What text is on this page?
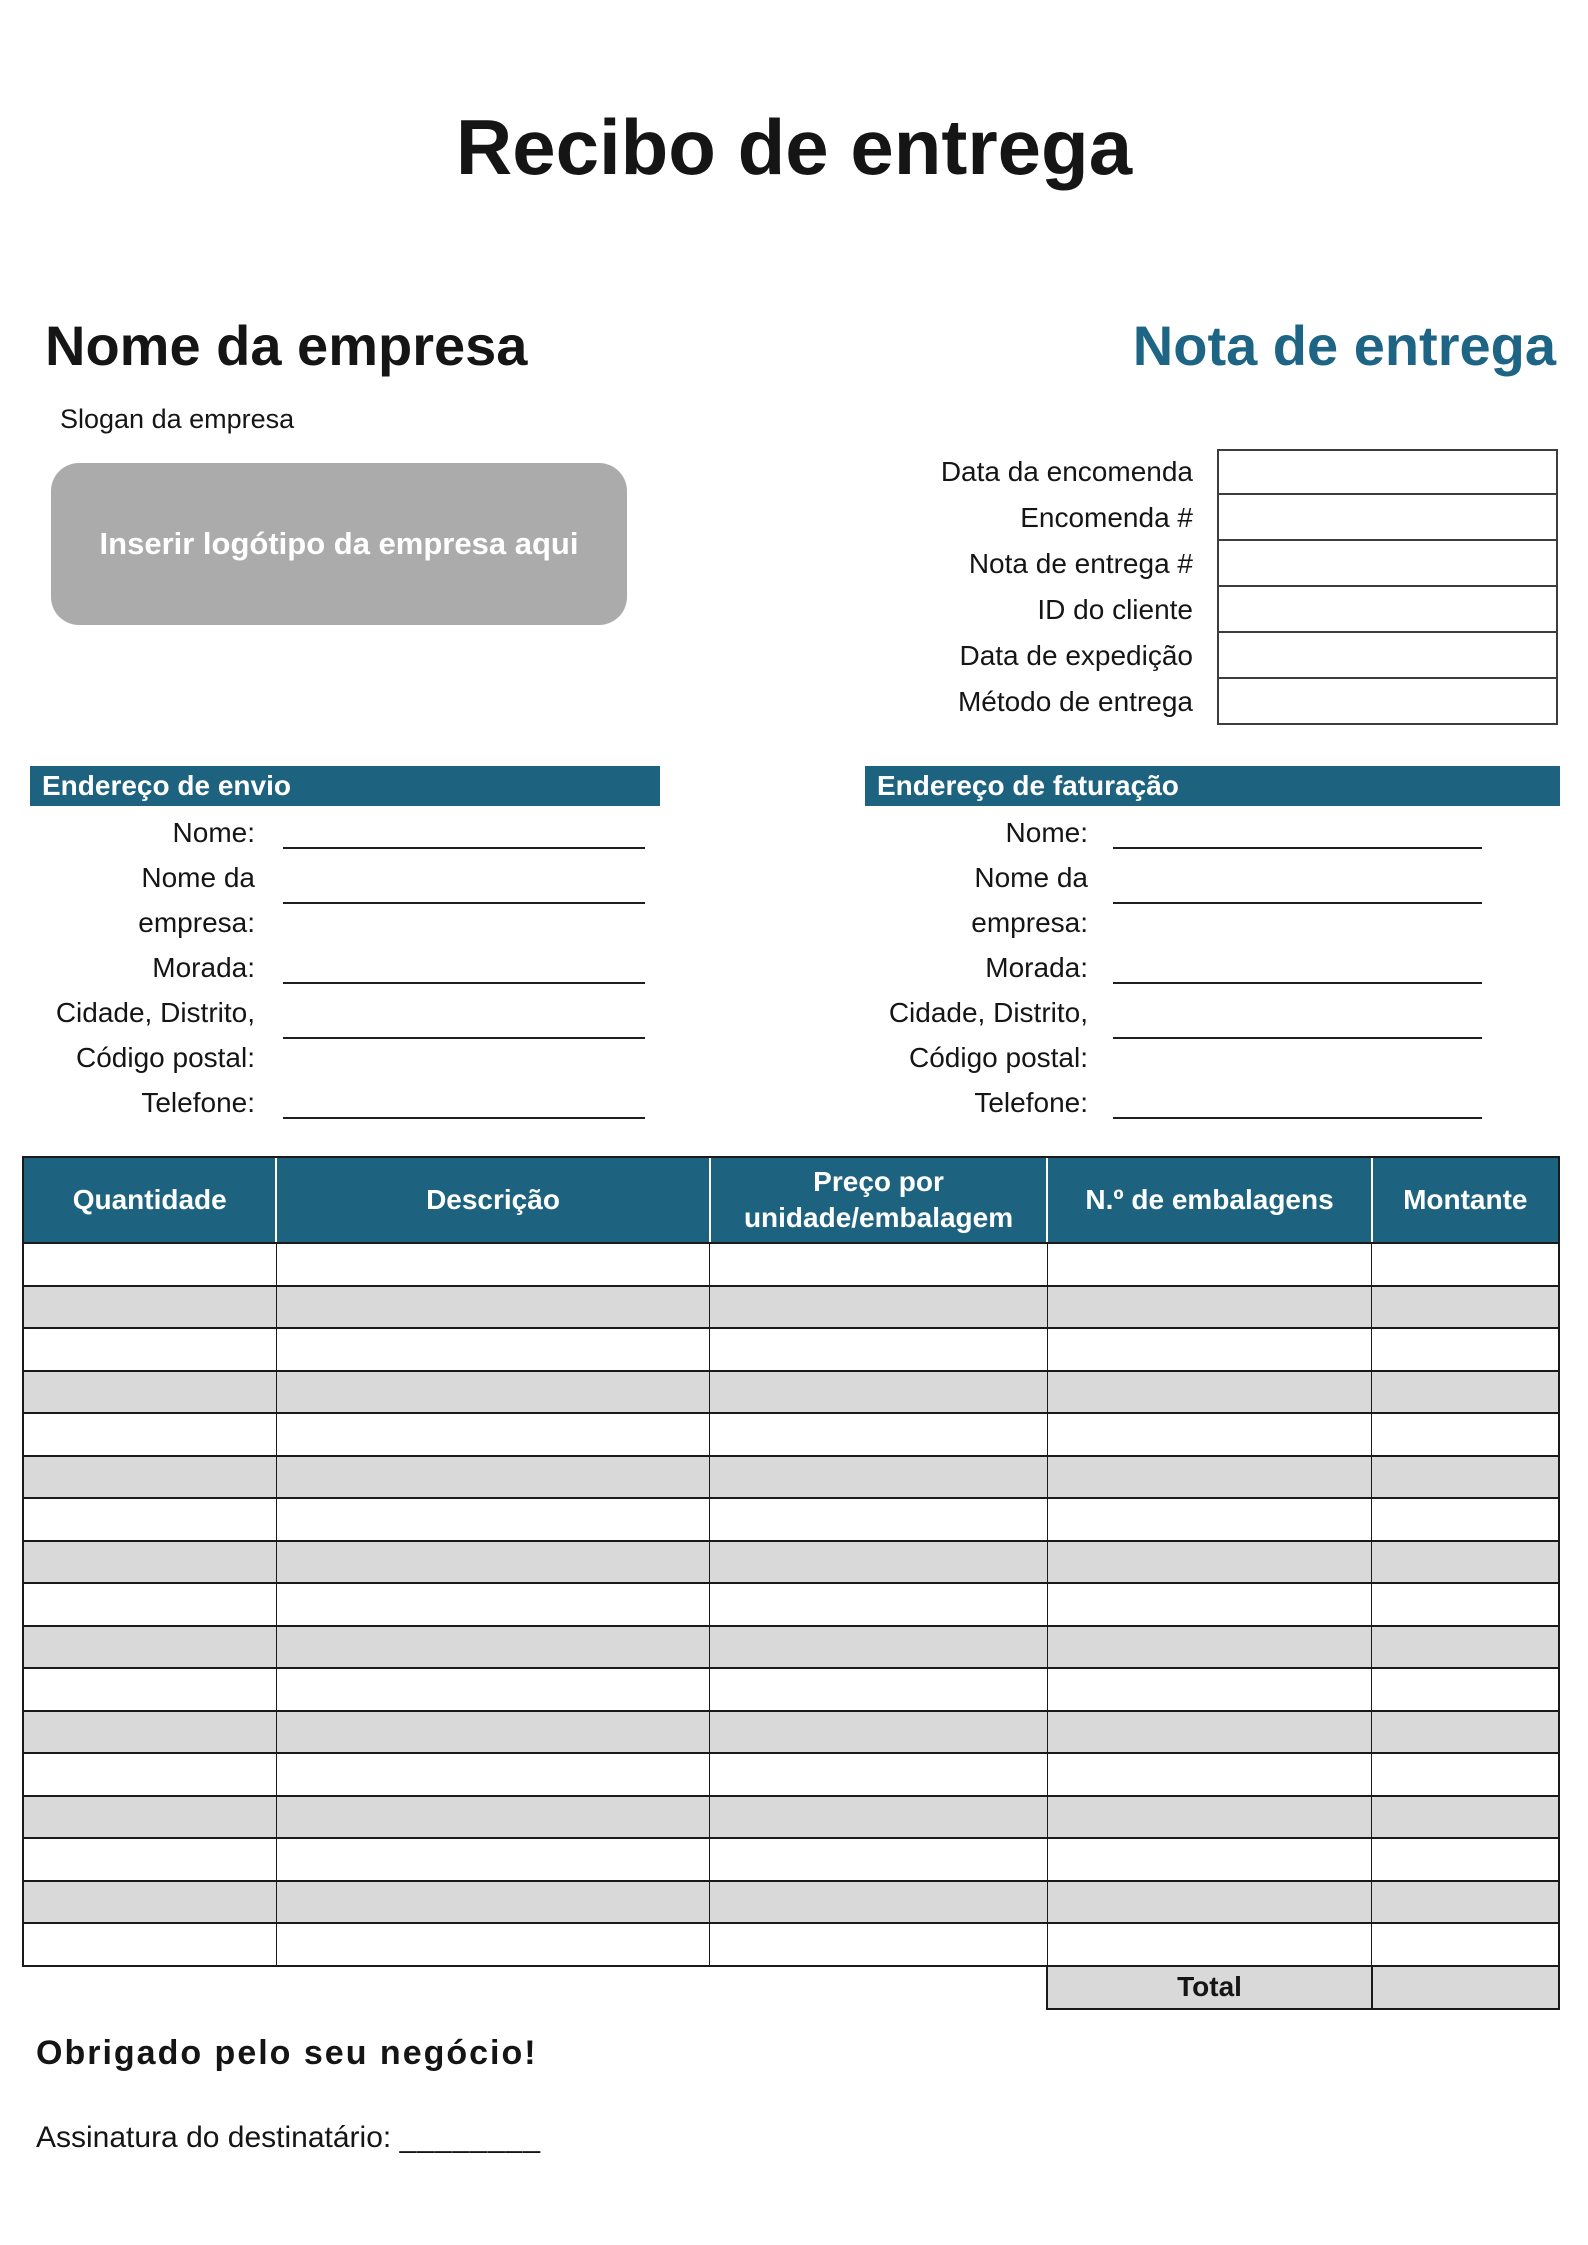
Recibo de entrega
Nome da empresa
Slogan da empresa
Inserir logótipo da empresa aqui
Nota de entrega
Data da encomenda
Encomenda #
Nota de entrega #
ID do cliente
Data de expedição
Método de entrega
Endereço de envio
Nome:
Nome da
empresa:
Morada:
Cidade, Distrito,
Código postal:
Telefone:
Endereço de faturação
Nome:
Nome da
empresa:
Morada:
Cidade, Distrito,
Código postal:
Telefone:
Quantidade	Descrição	Preço por unidade/embalagem	N.º de embalagens	Montante

			Total	
Obrigado pelo seu negócio!
Assinatura do destinatário: ________
